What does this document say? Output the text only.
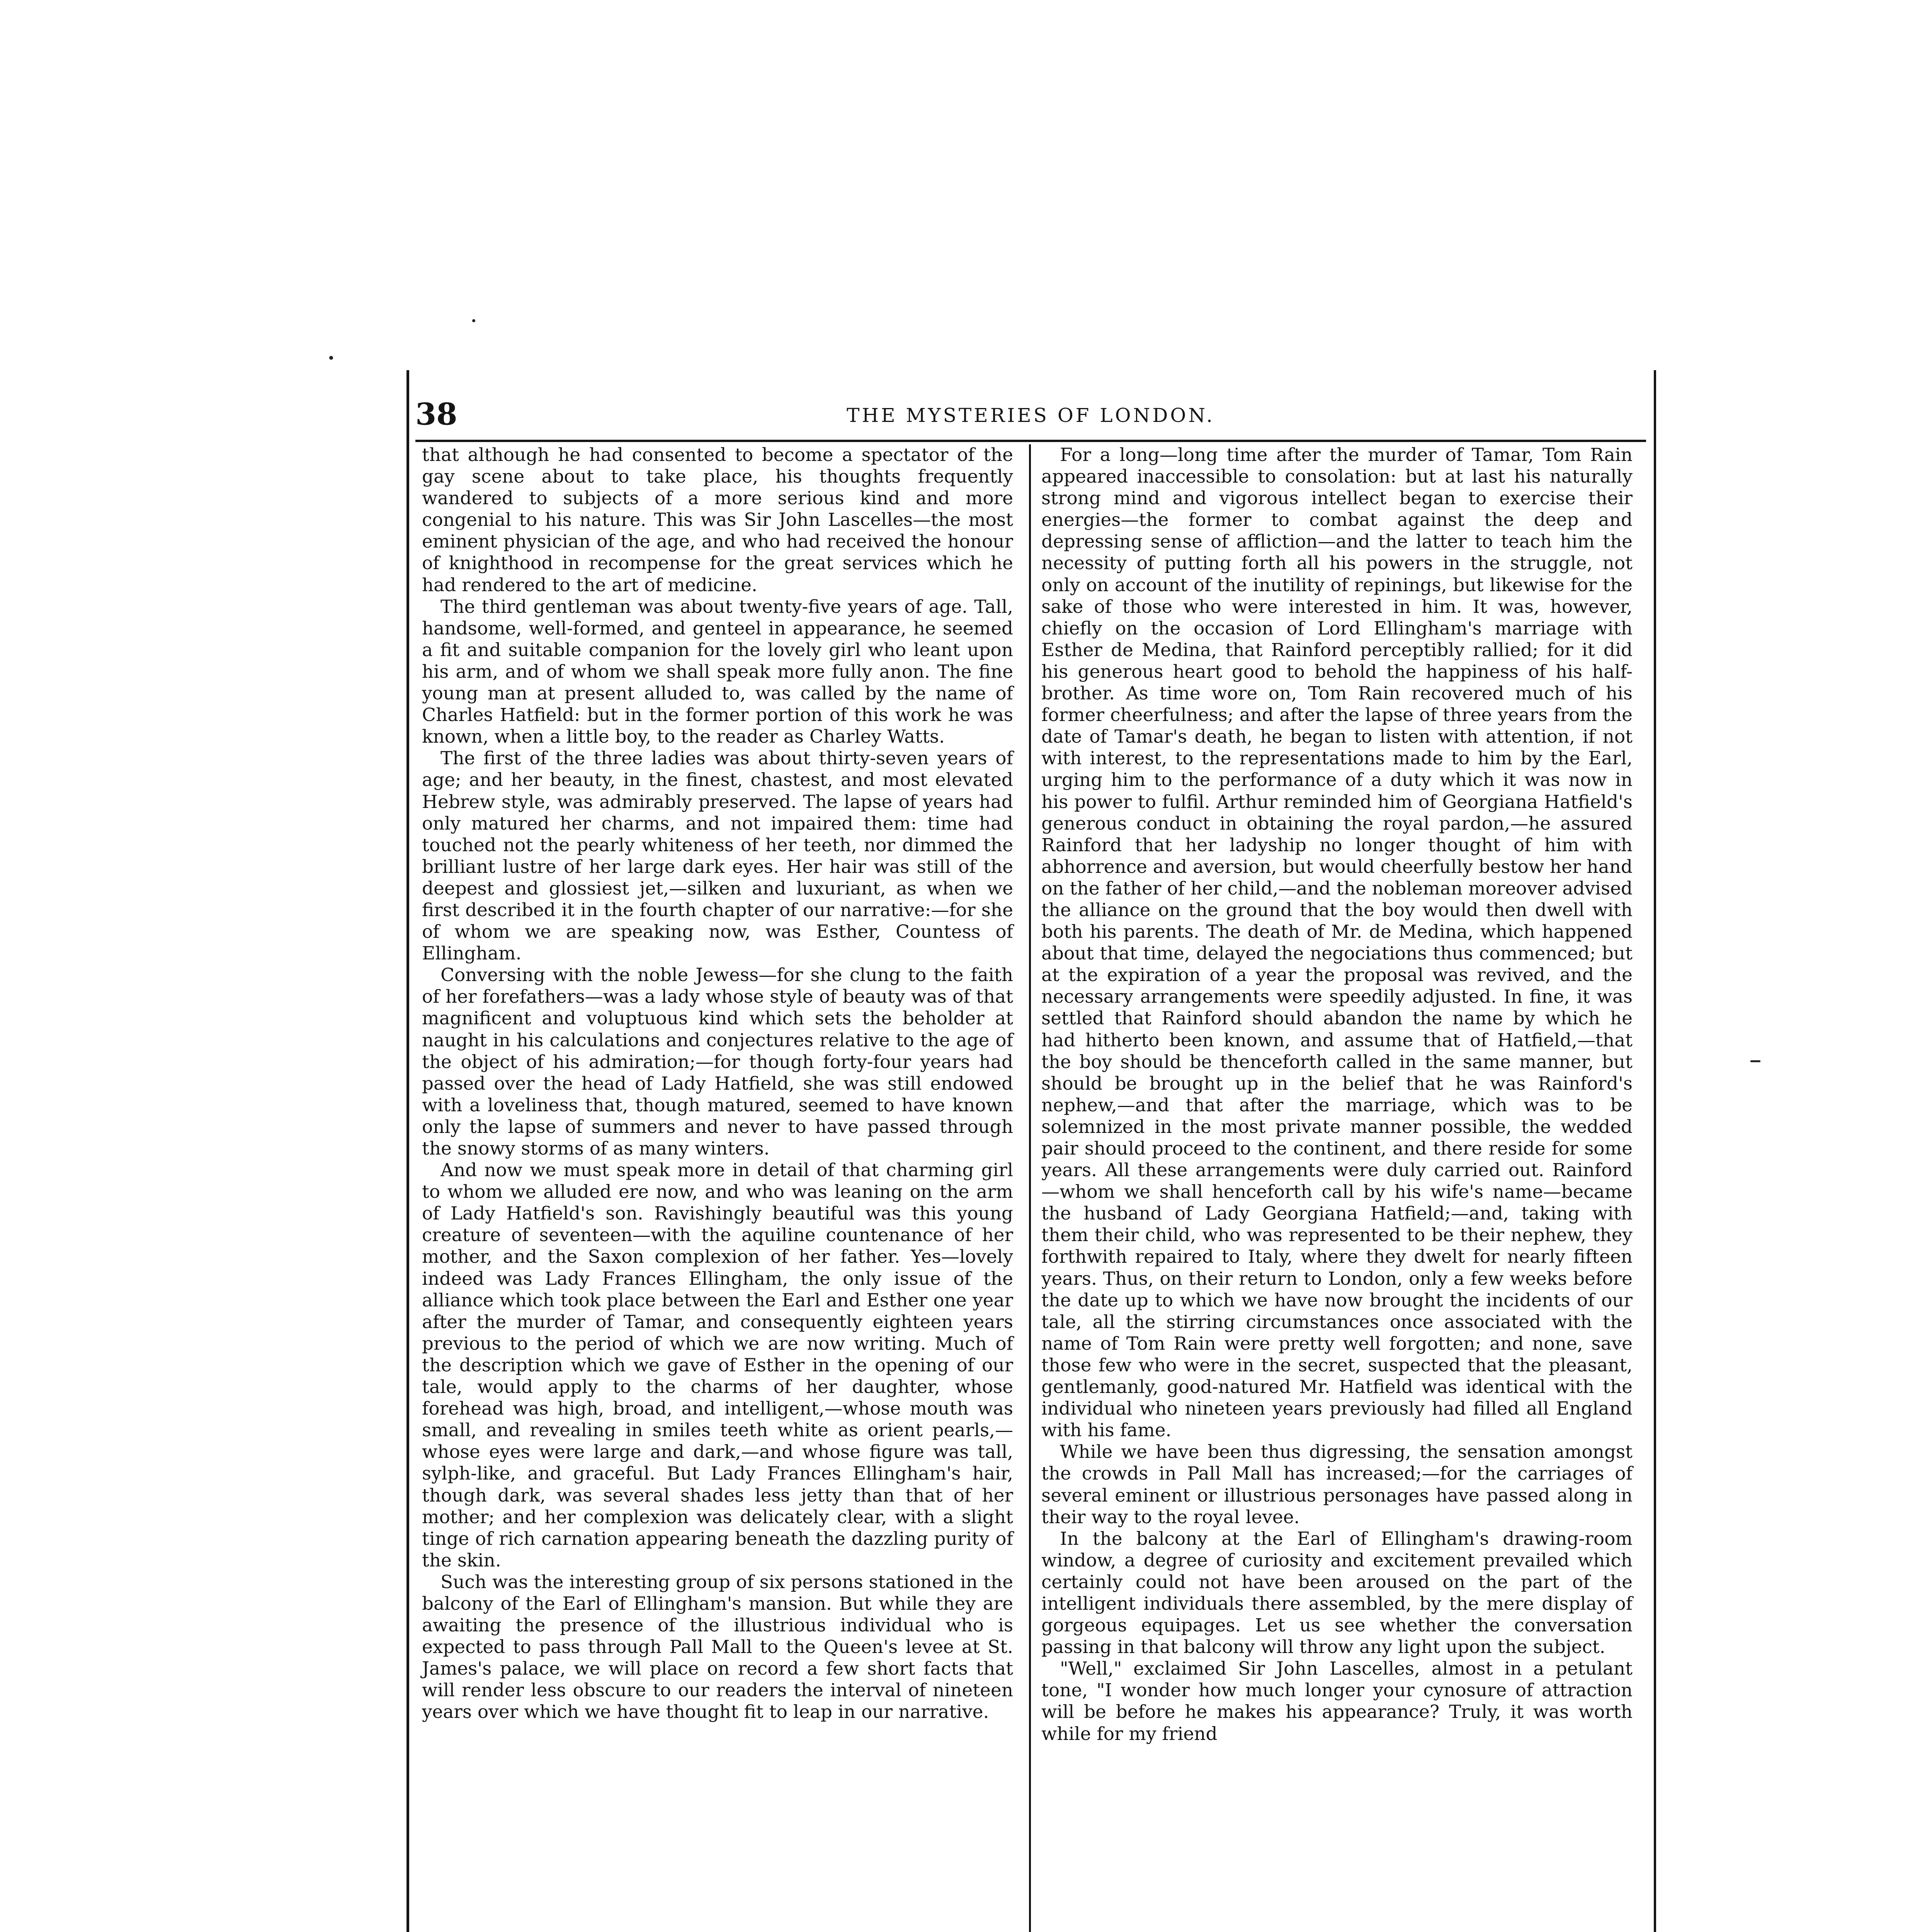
38	THE MYSTERIES OF LONDON.

that although he had consented to become a spectator of the gay scene about to take place, his thoughts frequently wandered to subjects of a more serious kind and more congenial to his nature. This was Sir John Lascelles—the most eminent physician of the age, and who had received the honour of knighthood in recompense for the great services which he had rendered to the art of medicine.

The third gentleman was about twenty-five years of age. Tall, handsome, well-formed, and genteel in appearance, he seemed a fit and suitable companion for the lovely girl who leant upon his arm, and of whom we shall speak more fully anon. The fine young man at present alluded to, was called by the name of Charles Hatfield: but in the former portion of this work he was known, when a little boy, to the reader as Charley Watts.

The first of the three ladies was about thirty-seven years of age; and her beauty, in the finest, chastest, and most elevated Hebrew style, was admirably preserved. The lapse of years had only matured her charms, and not impaired them: time had touched not the pearly whiteness of her teeth, nor dimmed the brilliant lustre of her large dark eyes. Her hair was still of the deepest and glossiest jet,—silken and luxuriant, as when we first described it in the fourth chapter of our narrative:—for she of whom we are speaking now, was Esther, Countess of Ellingham.

Conversing with the noble Jewess—for she clung to the faith of her forefathers—was a lady whose style of beauty was of that magnificent and voluptuous kind which sets the beholder at naught in his calculations and conjectures relative to the age of the object of his admiration;—for though forty-four years had passed over the head of Lady Hatfield, she was still endowed with a loveliness that, though matured, seemed to have known only the lapse of summers and never to have passed through the snowy storms of as many winters.

And now we must speak more in detail of that charming girl to whom we alluded ere now, and who was leaning on the arm of Lady Hatfield's son. Ravishingly beautiful was this young creature of seventeen—with the aquiline countenance of her mother, and the Saxon complexion of her father. Yes—lovely indeed was Lady Frances Ellingham, the only issue of the alliance which took place between the Earl and Esther one year after the murder of Tamar, and consequently eighteen years previous to the period of which we are now writing. Much of the description which we gave of Esther in the opening of our tale, would apply to the charms of her daughter, whose forehead was high, broad, and intelligent,—whose mouth was small, and revealing in smiles teeth white as orient pearls,—whose eyes were large and dark,—and whose figure was tall, sylph-like, and graceful. But Lady Frances Ellingham's hair, though dark, was several shades less jetty than that of her mother; and her complexion was delicately clear, with a slight tinge of rich carnation appearing beneath the dazzling purity of the skin.

Such was the interesting group of six persons stationed in the balcony of the Earl of Ellingham's mansion. But while they are awaiting the presence of the illustrious individual who is expected to pass through Pall Mall to the Queen's levee at St. James's palace, we will place on record a few short facts that will render less obscure to our readers the interval of nineteen years over which we have thought fit to leap in our narrative.

For a long—long time after the murder of Tamar, Tom Rain appeared inaccessible to consolation: but at last his naturally strong mind and vigorous intellect began to exercise their energies—the former to combat against the deep and depressing sense of affliction—and the latter to teach him the necessity of putting forth all his powers in the struggle, not only on account of the inutility of repinings, but likewise for the sake of those who were interested in him. It was, however, chiefly on the occasion of Lord Ellingham's marriage with Esther de Medina, that Rainford perceptibly rallied; for it did his generous heart good to behold the happiness of his half-brother. As time wore on, Tom Rain recovered much of his former cheerfulness; and after the lapse of three years from the date of Tamar's death, he began to listen with attention, if not with interest, to the representations made to him by the Earl, urging him to the performance of a duty which it was now in his power to fulfil. Arthur reminded him of Georgiana Hatfield's generous conduct in obtaining the royal pardon,—he assured Rainford that her ladyship no longer thought of him with abhorrence and aversion, but would cheerfully bestow her hand on the father of her child,—and the nobleman moreover advised the alliance on the ground that the boy would then dwell with both his parents. The death of Mr. de Medina, which happened about that time, delayed the negociations thus commenced; but at the expiration of a year the proposal was revived, and the necessary arrangements were speedily adjusted. In fine, it was settled that Rainford should abandon the name by which he had hitherto been known, and assume that of Hatfield,—that the boy should be thenceforth called in the same manner, but should be brought up in the belief that he was Rainford's nephew,—and that after the marriage, which was to be solemnized in the most private manner possible, the wedded pair should proceed to the continent, and there reside for some years. All these arrangements were duly carried out. Rainford—whom we shall henceforth call by his wife's name—became the husband of Lady Georgiana Hatfield;—and, taking with them their child, who was represented to be their nephew, they forthwith repaired to Italy, where they dwelt for nearly fifteen years. Thus, on their return to London, only a few weeks before the date up to which we have now brought the incidents of our tale, all the stirring circumstances once associated with the name of Tom Rain were pretty well forgotten; and none, save those few who were in the secret, suspected that the pleasant, gentlemanly, good-natured Mr. Hatfield was identical with the individual who nineteen years previously had filled all England with his fame.

While we have been thus digressing, the sensation amongst the crowds in Pall Mall has increased;—for the carriages of several eminent or illustrious personages have passed along in their way to the royal levee.

In the balcony at the Earl of Ellingham's drawing-room window, a degree of curiosity and excitement prevailed which certainly could not have been aroused on the part of the intelligent individuals there assembled, by the mere display of gorgeous equipages. Let us see whether the conversation passing in that balcony will throw any light upon the subject.

"Well," exclaimed Sir John Lascelles, almost in a petulant tone, "I wonder how much longer your cynosure of attraction will be before he makes his appearance? Truly, it was worth while for my friend
